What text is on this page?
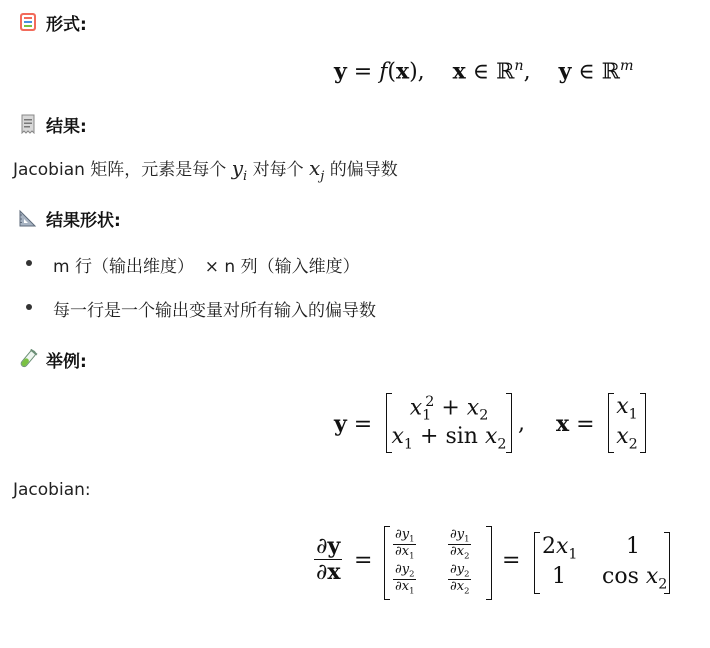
形式:
y = f(x),    x ∈ ℝ$^n$,    y ∈ ℝ$^m$
结果:
Jacobian 矩阵，元素是每个 $y_i$ 对每个 $x_j$ 的偏导数
结果形状:
m 行（输出维度） × n 列（输入维度）
每一行是一个输出变量对所有输入的偏导数
举例:
y =
$x_1^2 + x_2$
$x_1 + \sin x_2$
, x =
$x_1$
$x_2$
Jacobian:
$\frac{\partial y}{\partial x} = \frac{\partial y_1}{\partial x_1} \frac{\partial y_1}{\partial x_2}$
$\frac{\partial y_2}{\partial x_1} \frac{\partial y_2}{\partial x_2}$
=
$2x_1$ 1
1 $\cos x_2$
